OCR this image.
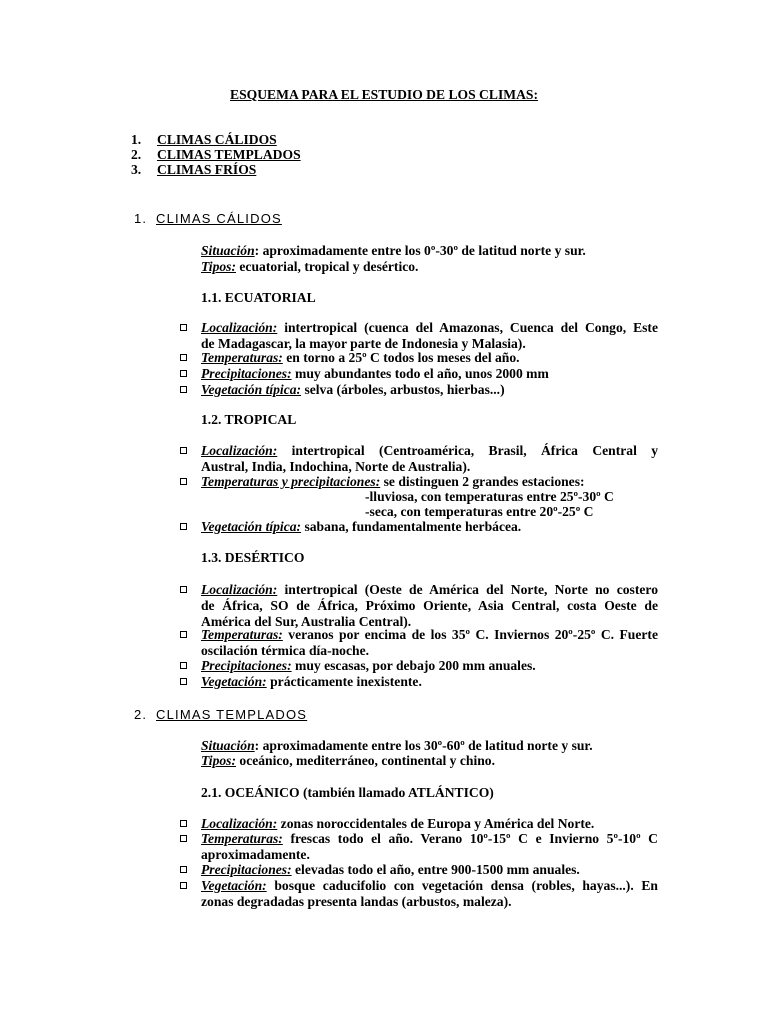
ESQUEMA PARA EL ESTUDIO DE LOS CLIMAS:
1. CLIMAS CÁLIDOS
2. CLIMAS TEMPLADOS
3. CLIMAS FRÍOS
1. CLIMAS CÁLIDOS
Situación: aproximadamente entre los 0º-30º de latitud norte y sur.
Tipos: ecuatorial, tropical y desértico.
1.1. ECUATORIAL
Localización: intertropical (cuenca del Amazonas, Cuenca del Congo, Este
de Madagascar, la mayor parte de Indonesia y Malasia).
Temperaturas: en torno a 25º C todos los meses del año.
Precipitaciones: muy abundantes todo el año, unos 2000 mm
Vegetación típica: selva (árboles, arbustos, hierbas...)
1.2. TROPICAL
Localización: intertropical (Centroamérica, Brasil, África Central y
Austral, India, Indochina, Norte de Australia).
Temperaturas y precipitaciones: se distinguen 2 grandes estaciones:
-lluviosa, con temperaturas entre 25º-30º C
-seca, con temperaturas entre 20º-25º C
Vegetación típica: sabana, fundamentalmente herbácea.
1.3. DESÉRTICO
Localización: intertropical (Oeste de América del Norte, Norte no costero
de África, SO de África, Próximo Oriente, Asia Central, costa Oeste de
América del Sur, Australia Central).
Temperaturas: veranos por encima de los 35º C. Inviernos 20º-25º C. Fuerte
oscilación térmica día-noche.
Precipitaciones: muy escasas, por debajo 200 mm anuales.
Vegetación: prácticamente inexistente.
2. CLIMAS TEMPLADOS
Situación: aproximadamente entre los 30º-60º de latitud norte y sur.
Tipos: oceánico, mediterráneo, continental y chino.
2.1. OCEÁNICO (también llamado ATLÁNTICO)
Localización: zonas noroccidentales de Europa y América del Norte.
Temperaturas: frescas todo el año. Verano 10º-15º C e Invierno 5º-10º C
aproximadamente.
Precipitaciones: elevadas todo el año, entre 900-1500 mm anuales.
Vegetación: bosque caducifolio con vegetación densa (robles, hayas...). En
zonas degradadas presenta landas (arbustos, maleza).
